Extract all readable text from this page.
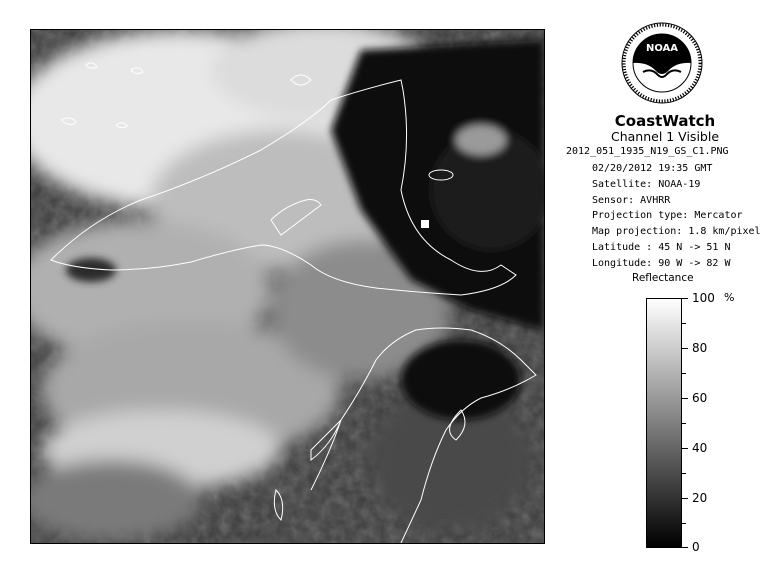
NOAA
CoastWatch
Channel 1 Visible
2012_051_1935_N19_GS_C1.PNG
02/20/2012 19:35 GMT
Satellite: NOAA-19
Sensor: AVHRR
Projection type: Mercator
Map projection: 1.8 km/pixel
Latitude : 45 N -> 51 N
Longitude: 90 W -> 82 W
Reflectance
%
100
80
60
40
20
0
